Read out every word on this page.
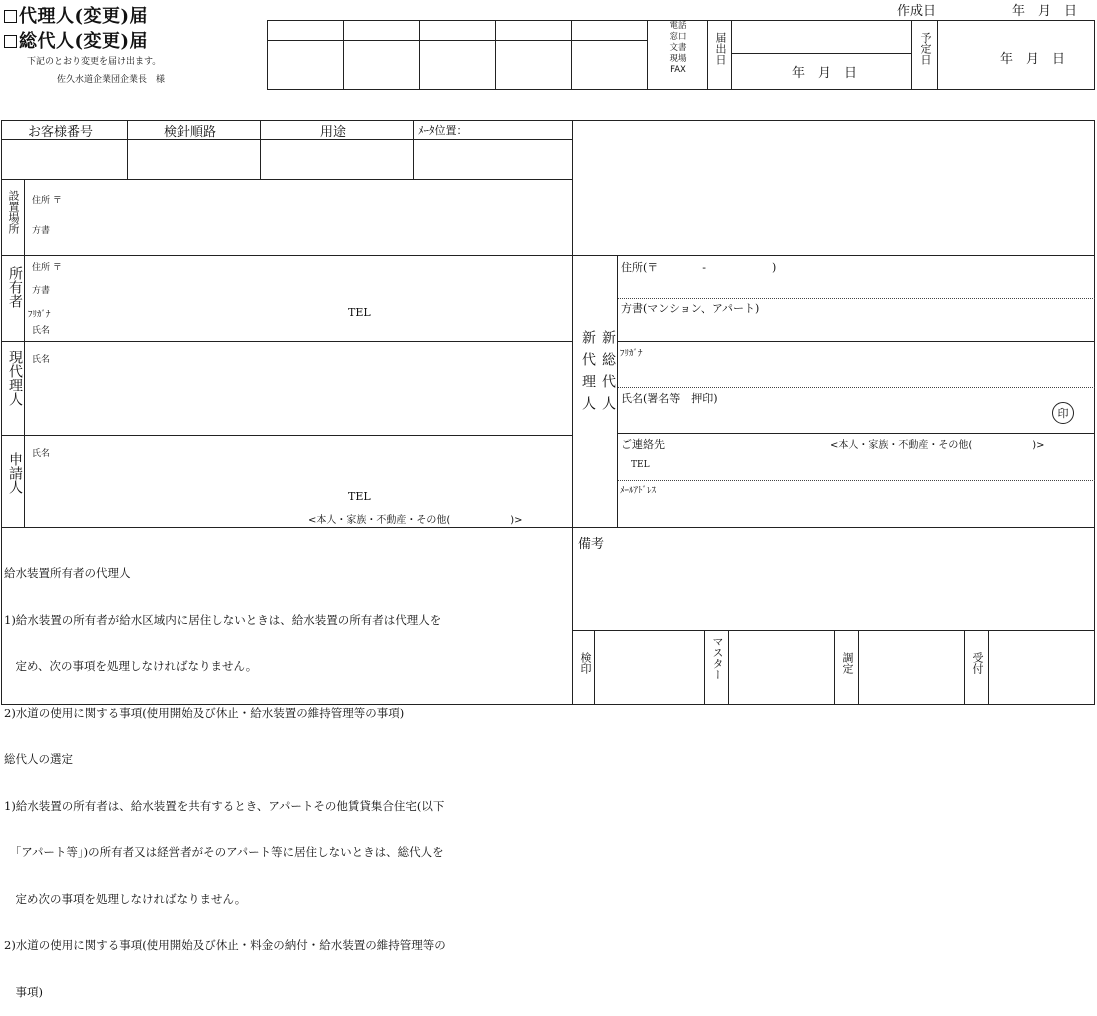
代理人(変更)届
総代人(変更)届
下記のとおり変更を届け出ます。
佐久水道企業団企業長　様
作成日	年　月　日
電話
窓口
文書
現場
FAX
届出日
年　月　日
予定日	年　月　日
お客様番号	検針順路	用途	ﾒｰﾀ位置：
設置場所 住所 〒
方書
所有者 住所 〒
方書
ﾌﾘｶﾞﾅ
氏名
TEL
現代理人 氏名
申請人 氏名
TEL
<本人・家族・不動産・その他(　　　　　　)>
新代理人 新総代人
住所(〒　　　　-　　　　　　)
方書(マンション、アパート)
ﾌﾘｶﾞﾅ
氏名(署名等　押印)
印
ご連絡先	<本人・家族・不動産・その他(　　　　　　)>
TEL
ﾒｰﾙｱﾄﾞﾚｽ

給水装置所有者の代理人

1)給水装置の所有者が給水区域内に居住しないときは、給水装置の所有者は代理人を

　定め、次の事項を処理しなければなりません。

2)水道の使用に関する事項(使用開始及び休止・給水装置の維持管理等の事項)

総代人の選定

1)給水装置の所有者は、給水装置を共有するとき、アパートその他賃貸集合住宅(以下

　「アパート等」)の所有者又は経営者がそのアパート等に居住しないときは、総代人を

　定め次の事項を処理しなければなりません。

2)水道の使用に関する事項(使用開始及び休止・料金の納付・給水装置の維持管理等の

　事項)

備考
検印	マスター	調定	受付
